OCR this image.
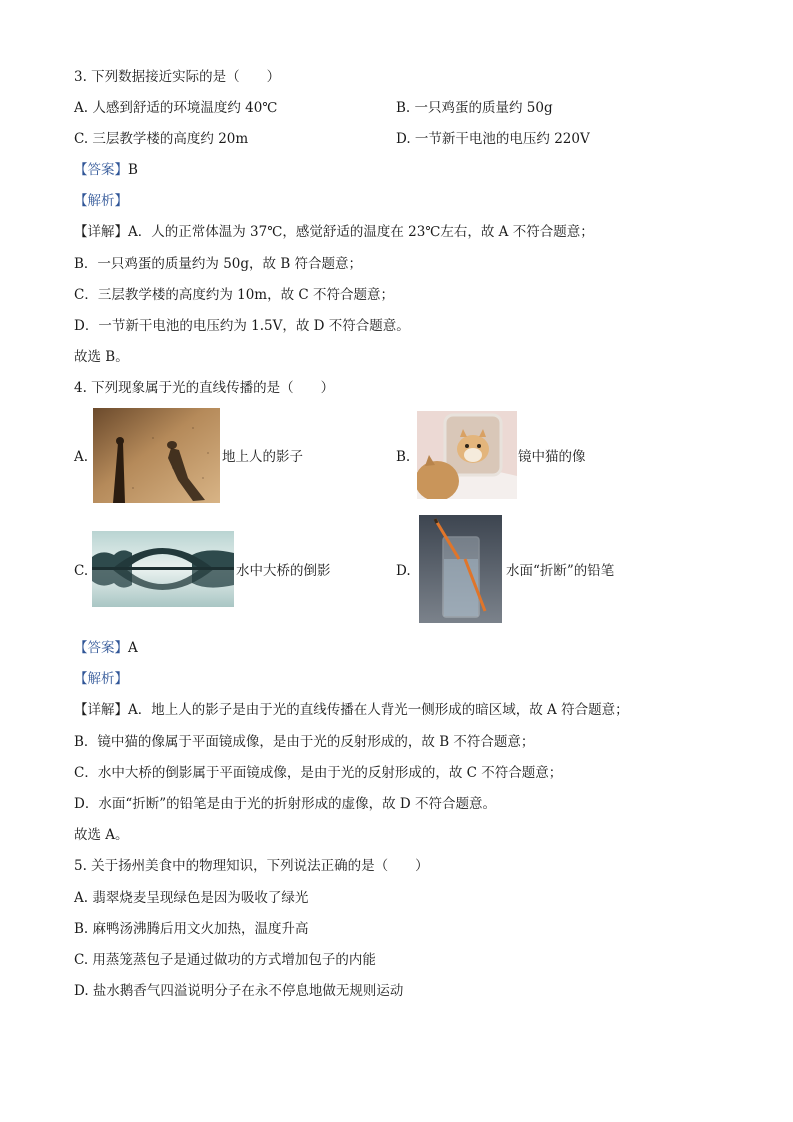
3. 下列数据接近实际的是（　　）
A. 人感到舒适的环境温度约 40℃	B. 一只鸡蛋的质量约 50g
C. 三层教学楼的高度约 20m	D. 一节新干电池的电压约 220V
【答案】B
【解析】
【详解】A．人的正常体温为 37℃，感觉舒适的温度在 23℃左右，故 A 不符合题意；
B．一只鸡蛋的质量约为 50g，故 B 符合题意；
C．三层教学楼的高度约为 10m，故 C 不符合题意；
D．一节新干电池的电压约为 1.5V，故 D 不符合题意。
故选 B。
4. 下列现象属于光的直线传播的是（　　）
A.	地上人的影子	B.	镜中猫的像
C.	水中大桥的倒影	D.	水面“折断”的铅笔
【答案】A
【解析】
【详解】A．地上人的影子是由于光的直线传播在人背光一侧形成的暗区域，故 A 符合题意；
B．镜中猫的像属于平面镜成像，是由于光的反射形成的，故 B 不符合题意；
C．水中大桥的倒影属于平面镜成像，是由于光的反射形成的，故 C 不符合题意；
D．水面“折断”的铅笔是由于光的折射形成的虚像，故 D 不符合题意。
故选 A。
5. 关于扬州美食中的物理知识，下列说法正确的是（　　）
A. 翡翠烧麦呈现绿色是因为吸收了绿光
B. 麻鸭汤沸腾后用文火加热，温度升高
C. 用蒸笼蒸包子是通过做功的方式增加包子的内能
D. 盐水鹅香气四溢说明分子在永不停息地做无规则运动
